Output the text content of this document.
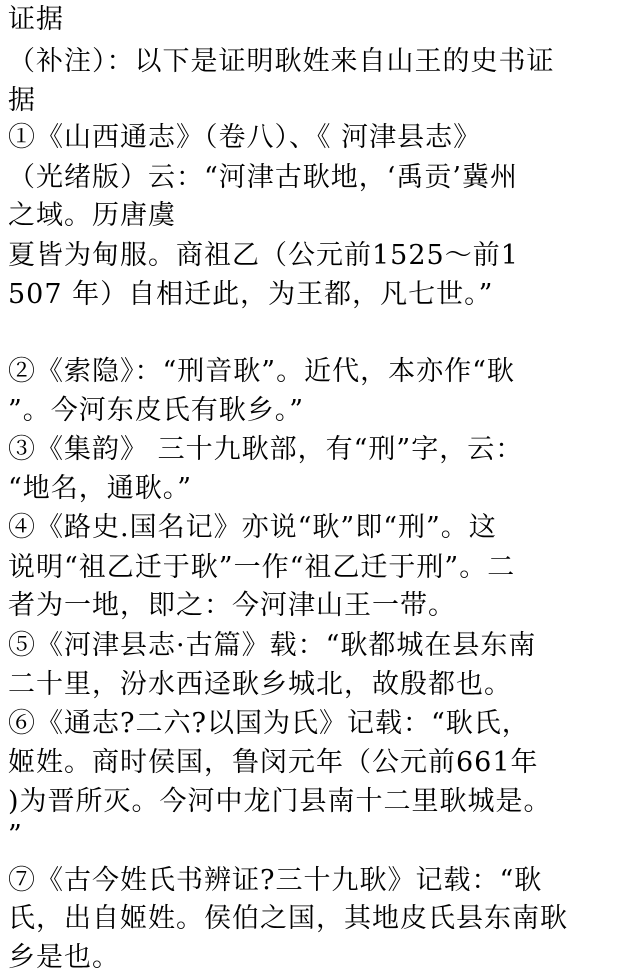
证据
（补注）：以下是证明耿姓来自山王的史书证
据
①《山西通志》（卷八）、《 河津县志》
（光绪版）云：“河津古耿地，‘禹贡’冀州
之域。历唐虞
夏皆为甸服。商祖乙（公元前1525～前1
507 年）自相迁此，为王都，凡七世。”
②《索隐》：“刑音耿”。近代，本亦作“耿
”。今河东皮氏有耿乡。”
③《集韵》 三十九耿部，有“刑”字，云：
“地名，通耿。”
④《路史.国名记》亦说“耿”即“刑”。这
说明“祖乙迁于耿”一作“祖乙迁于刑”。二
者为一地，即之：今河津山王一带。
⑤《河津县志·古篇》载：“耿都城在县东南
二十里，汾水西迳耿乡城北，故殷都也。
⑥《通志?二六?以国为氏》记载：“耿氏，
姬姓。商时侯国，鲁闵元年（公元前661年
)为晋所灭。今河中龙门县南十二里耿城是。
”
⑦《古今姓氏书辨证?三十九耿》记载：“耿
氏，出自姬姓。侯伯之国，其地皮氏县东南耿
乡是也。
